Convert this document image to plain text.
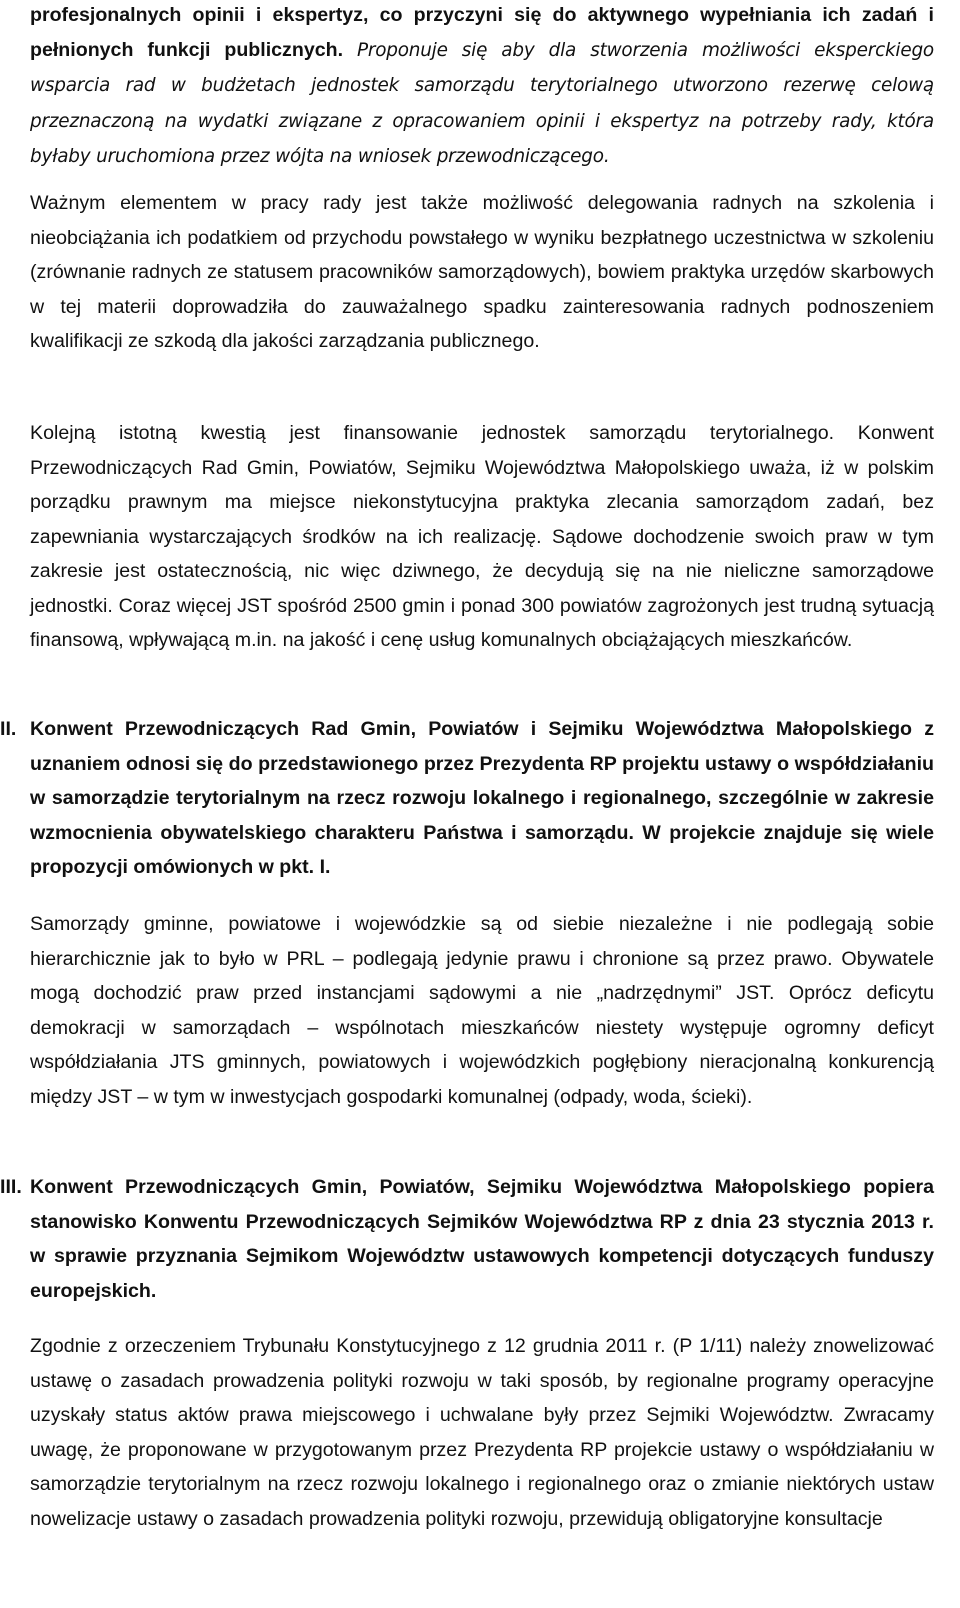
profesjonalnych opinii i ekspertyz, co przyczyni się do aktywnego wypełniania ich zadań i pełnionych funkcji publicznych. Proponuje się aby dla stworzenia możliwości eksperckiego wsparcia rad w budżetach jednostek samorządu terytorialnego utworzono rezerwę celową przeznaczoną na wydatki związane z opracowaniem opinii i ekspertyz na potrzeby rady, która byłaby uruchomiona przez wójta na wniosek przewodniczącego.

Ważnym elementem w pracy rady jest także możliwość delegowania radnych na szkolenia i nieobciążania ich podatkiem od przychodu powstałego w wyniku bezpłatnego uczestnictwa w szkoleniu (zrównanie radnych ze statusem pracowników samorządowych), bowiem praktyka urzędów skarbowych w tej materii doprowadziła do zauważalnego spadku zainteresowania radnych podnoszeniem kwalifikacji ze szkodą dla jakości zarządzania publicznego.

Kolejną istotną kwestią jest finansowanie jednostek samorządu terytorialnego. Konwent Przewodniczących Rad Gmin, Powiatów, Sejmiku Województwa Małopolskiego uważa, iż w polskim porządku prawnym ma miejsce niekonstytucyjna praktyka zlecania samorządom zadań, bez zapewniania wystarczających środków na ich realizację. Sądowe dochodzenie swoich praw w tym zakresie jest ostatecznością, nic więc dziwnego, że decydują się na nie nieliczne samorządowe jednostki. Coraz więcej JST spośród 2500 gmin i ponad 300 powiatów zagrożonych jest trudną sytuacją finansową, wpływającą m.in. na jakość i cenę usług komunalnych obciążających mieszkańców.

II. Konwent Przewodniczących Rad Gmin, Powiatów i Sejmiku Województwa Małopolskiego z uznaniem odnosi się do przedstawionego przez Prezydenta RP projektu ustawy o współdziałaniu w samorządzie terytorialnym na rzecz rozwoju lokalnego i regionalnego, szczególnie w zakresie wzmocnienia obywatelskiego charakteru Państwa i samorządu. W projekcie znajduje się wiele propozycji omówionych w pkt. I.

Samorządy gminne, powiatowe i wojewódzkie są od siebie niezależne i nie podlegają sobie hierarchicznie jak to było w PRL – podlegają jedynie prawu i chronione są przez prawo. Obywatele mogą dochodzić praw przed instancjami sądowymi a nie „nadrzędnymi” JST. Oprócz deficytu demokracji w samorządach – wspólnotach mieszkańców niestety występuje ogromny deficyt współdziałania JTS gminnych, powiatowych i wojewódzkich pogłębiony nieracjonalną konkurencją między JST – w tym w inwestycjach gospodarki komunalnej (odpady, woda, ścieki).

III. Konwent Przewodniczących Gmin, Powiatów, Sejmiku Województwa Małopolskiego popiera stanowisko Konwentu Przewodniczących Sejmików Województwa RP z dnia 23 stycznia 2013 r. w sprawie przyznania Sejmikom Województw ustawowych kompetencji dotyczących funduszy europejskich.

Zgodnie z orzeczeniem Trybunału Konstytucyjnego z 12 grudnia 2011 r. (P 1/11) należy znowelizować ustawę o zasadach prowadzenia polityki rozwoju w taki sposób, by regionalne programy operacyjne uzyskały status aktów prawa miejscowego i uchwalane były przez Sejmiki Województw. Zwracamy uwagę, że proponowane w przygotowanym przez Prezydenta RP projekcie ustawy o współdziałaniu w samorządzie terytorialnym na rzecz rozwoju lokalnego i regionalnego oraz o zmianie niektórych ustaw nowelizacje ustawy o zasadach prowadzenia polityki rozwoju, przewidują obligatoryjne konsultacje
